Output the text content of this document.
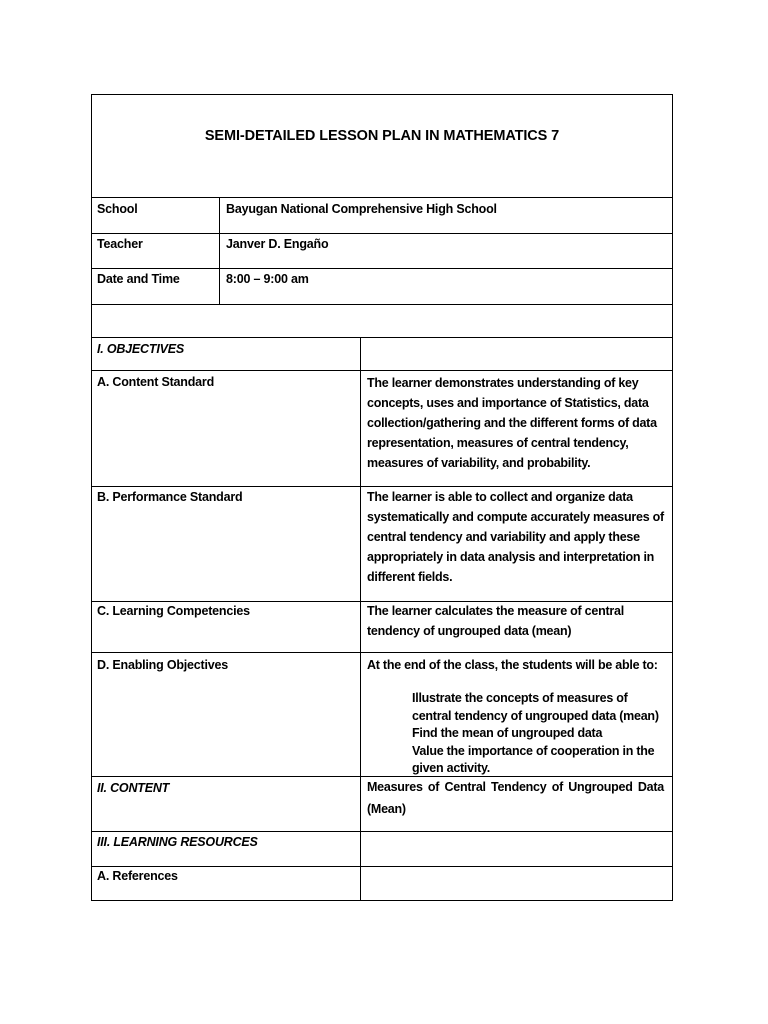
SEMI-DETAILED LESSON PLAN IN MATHEMATICS 7
School	Bayugan National Comprehensive High School
Teacher	Janver D. Engaño
Date and Time	8:00 – 9:00 am
I. OBJECTIVES
A. Content Standard	The learner demonstrates understanding of key
concepts, uses and importance of Statistics, data
collection/gathering and the different forms of data
representation, measures of central tendency,
measures of variability, and probability.
B. Performance Standard	The learner is able to collect and organize data
systematically and compute accurately measures of
central tendency and variability and apply these
appropriately in data analysis and interpretation in
different fields.
C. Learning Competencies	The learner calculates the measure of central
tendency of ungrouped data (mean)
D. Enabling Objectives	At the end of the class, the students will be able to:
Illustrate the concepts of measures of
central tendency of ungrouped data (mean)
Find the mean of ungrouped data
Value the importance of cooperation in the
given activity.
II. CONTENT	Measures of Central Tendency of Ungrouped Data
(Mean)
III. LEARNING RESOURCES
A. References
